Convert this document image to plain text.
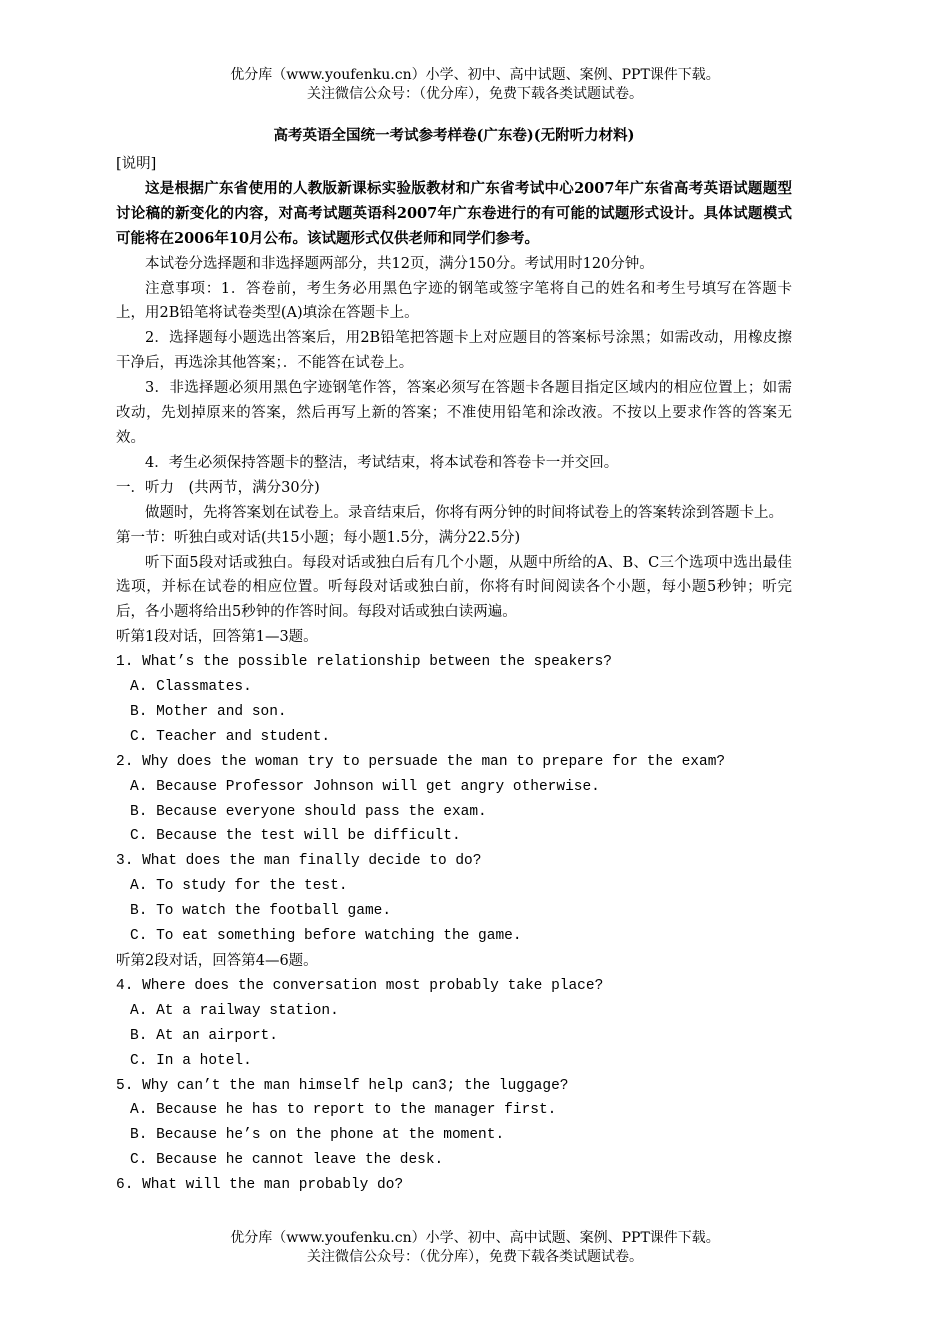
优分库（www.youfenku.cn）小学、初中、高中试题、案例、PPT课件下载。
关注微信公众号：（优分库），免费下载各类试题试卷。
高考英语全国统一考试参考样卷(广东卷)(无附听力材料)

[说明]

这是根据广东省使用的人教版新课标实验版教材和广东省考试中心2007年广东省高考英语试题题型讨论稿的新变化的内容，对高考试题英语科2007年广东卷进行的有可能的试题形式设计。具体试题模式可能将在2006年10月公布。该试题形式仅供老师和同学们参考。

本试卷分选择题和非选择题两部分，共12页，满分150分。考试用时120分钟。

注意事项：1．答卷前，考生务必用黑色字迹的钢笔或签字笔将自己的姓名和考生号填写在答题卡上，用2B铅笔将试卷类型(A)填涂在答题卡上。

2．选择题每小题选出答案后，用2B铅笔把答题卡上对应题目的答案标号涂黑；如需改动，用橡皮擦干净后，再选涂其他答案；．不能答在试卷上。

3．非选择题必须用黑色字迹钢笔作答，答案必须写在答题卡各题目指定区域内的相应位置上；如需改动，先划掉原来的答案，然后再写上新的答案；不准使用铅笔和涂改液。不按以上要求作答的答案无效。

4．考生必须保持答题卡的整洁，考试结束，将本试卷和答卷卡一并交回。

一．听力　(共两节，满分30分)

做题时，先将答案划在试卷上。录音结束后，你将有两分钟的时间将试卷上的答案转涂到答题卡上。

第一节：听独白或对话(共15小题；每小题1.5分，满分22.5分)

听下面5段对话或独白。每段对话或独白后有几个小题，从题中所给的A、B、C三个选项中选出最佳选项，并标在试卷的相应位置。听每段对话或独白前，你将有时间阅读各个小题，每小题5秒钟；听完后，各小题将给出5秒钟的作答时间。每段对话或独白读两遍。

听第1段对话，回答第1—3题。

1. What’s the possible relationship between the speakers?

A. Classmates.

B. Mother and son.

C. Teacher and student.

2. Why does the woman try to persuade the man to prepare for the exam?

A. Because Professor Johnson will get angry otherwise.

B. Because everyone should pass the exam.

C. Because the test will be difficult.

3. What does the man finally decide to do?

A. To study for the test.

B. To watch the football game.

C. To eat something before watching the game.

听第2段对话，回答第4—6题。

4. Where does the conversation most probably take place?

A. At a railway station.

B. At an airport.

C. In a hotel.

5. Why can’t the man himself help can3; the luggage?

A. Because he has to report to the manager first.

B. Because he’s on the phone at the moment.

C. Because he cannot leave the desk.

6. What will the man probably do?

优分库（www.youfenku.cn）小学、初中、高中试题、案例、PPT课件下载。
关注微信公众号：（优分库），免费下载各类试题试卷。
